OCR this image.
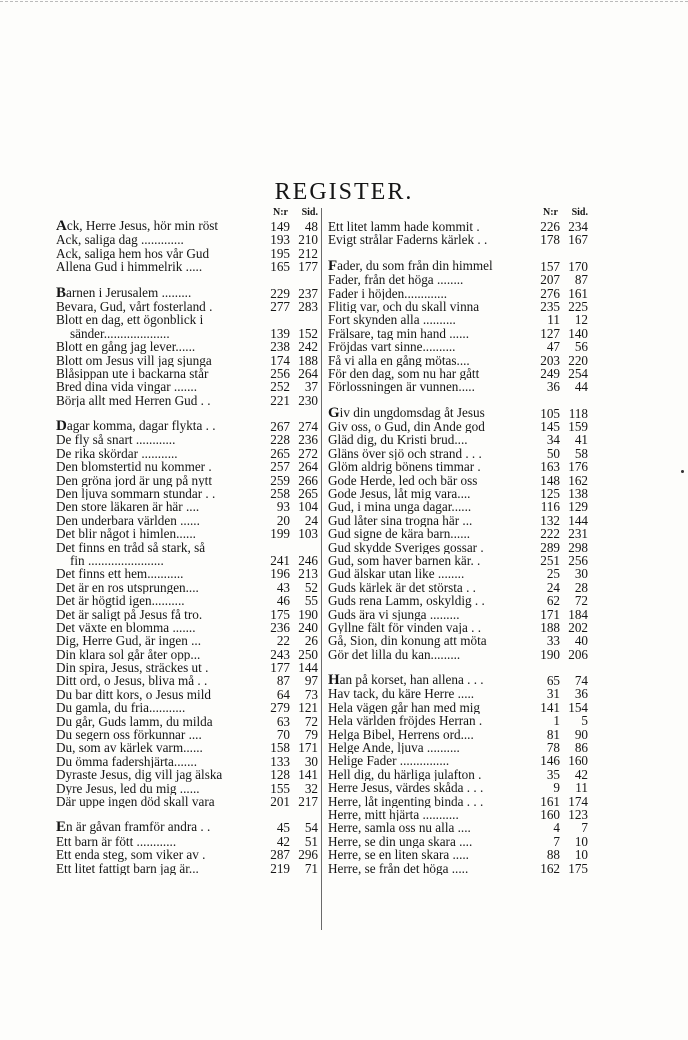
REGISTER.
N:r	Sid.
Ack, Herre Jesus, hör min röst	149	48
Ack, saliga dag .............	193 210
Ack, saliga hem hos vår Gud	195 212
Allena Gud i himmelrik .....	165 177
Barnen i Jerusalem .........	229 237
Bevara, Gud, vårt fosterland .	277 283
Blott en dag, ett ögonblick i
sänder....................	139 152
Blott en gång jag lever......	238 242
Blott om Jesus vill jag sjunga	174 188
Blåsippan ute i backarna står	256 264
Bred dina vida vingar .......	252	37
Börja allt med Herren Gud . .	221 230
Dagar komma, dagar flykta . .	267 274
De fly så snart ............	228 236
De rika skördar ...........	265 272
Den blomstertid nu kommer .	257 264
Den gröna jord är ung på nytt	259 266
Den ljuva sommarn stundar . .	258 265
Den store läkaren är här ....	93 104
Den underbara världen ......	20	24
Det blir något i himlen......	199 103
Det finns en tråd så stark, så
fin .......................	241 246
Det finns ett hem...........	196 213
Det är en ros utsprungen....	43	52
Det är högtid igen..........	46	55
Det är saligt på Jesus få tro.	175 190
Det växte en blomma .......	236 240
Dig, Herre Gud, är ingen ...	22	26
Din klara sol går åter opp...	243 250
Din spira, Jesus, sträckes ut .	177 144
Ditt ord, o Jesus, bliva må . .	87	97
Du bar ditt kors, o Jesus mild	64	73
Du gamla, du fria...........	279 121
Du går, Guds lamm, du milda	63	72
Du segern oss förkunnar ....	70	79
Du, som av kärlek varm......	158 171
Du ömma fadershjärta.......	133	30
Dyraste Jesus, dig vill jag älska	128 141
Dyre Jesus, led du mig ......	155	32
Där uppe ingen död skall vara	201 217
En är gåvan framför andra . .	45	54
Ett barn är fött ............	42	51
Ett enda steg, som viker av .	287 296
Ett litet fattigt barn jag är...	219	71
N:r	Sid.
Ett litet lamm hade kommit .	226 234
Evigt strålar Faderns kärlek . .	178 167
Fader, du som från din himmel	157 170
Fader, från det höga ........	207	87
Fader i höjden.............	276 161
Flitig var, och du skall vinna	235 225
Fort skynden alla ..........	11	12
Frälsare, tag min hand ......	127 140
Fröjdas vart sinne..........	47	56
Få vi alla en gång mötas....	203 220
För den dag, som nu har gått	249 254
Förlossningen är vunnen.....	36	44
Giv din ungdomsdag åt Jesus	105 118
Giv oss, o Gud, din Ande god	145 159
Gläd dig, du Kristi brud....	34	41
Gläns över sjö och strand . . .	50	58
Glöm aldrig bönens timmar .	163 176
Gode Herde, led och bär oss	148 162
Gode Jesus, låt mig vara....	125 138
Gud, i mina unga dagar......	116 129
Gud låter sina trogna här ...	132 144
Gud signe de kära barn......	222 231
Gud skydde Sveriges gossar .	289 298
Gud, som haver barnen kär. .	251 256
Gud älskar utan like ........	25	30
Guds kärlek är det största . .	24	28
Guds rena Lamm, oskyldig . .	62	72
Guds ära vi sjunga .........	171 184
Gyllne fält för vinden vaja . .	188 202
Gå, Sion, din konung att möta	33	40
Gör det lilla du kan.........	190 206
Han på korset, han allena . . .	65	74
Hav tack, du käre Herre .....	31	36
Hela vägen går han med mig	141 154
Hela världen fröjdes Herran .	1	5
Helga Bibel, Herrens ord....	81	90
Helge Ande, ljuva ..........	78	86
Helige Fader ...............	146 160
Hell dig, du härliga julafton .	35	42
Herre Jesus, värdes skåda . . .	9	11
Herre, låt ingenting binda . . .	161 174
Herre, mitt hjärta ...........	160 123
Herre, samla oss nu alla ....	4	7
Herre, se din unga skara ....	7	10
Herre, se en liten skara .....	88	10
Herre, se från det höga .....	162 175
